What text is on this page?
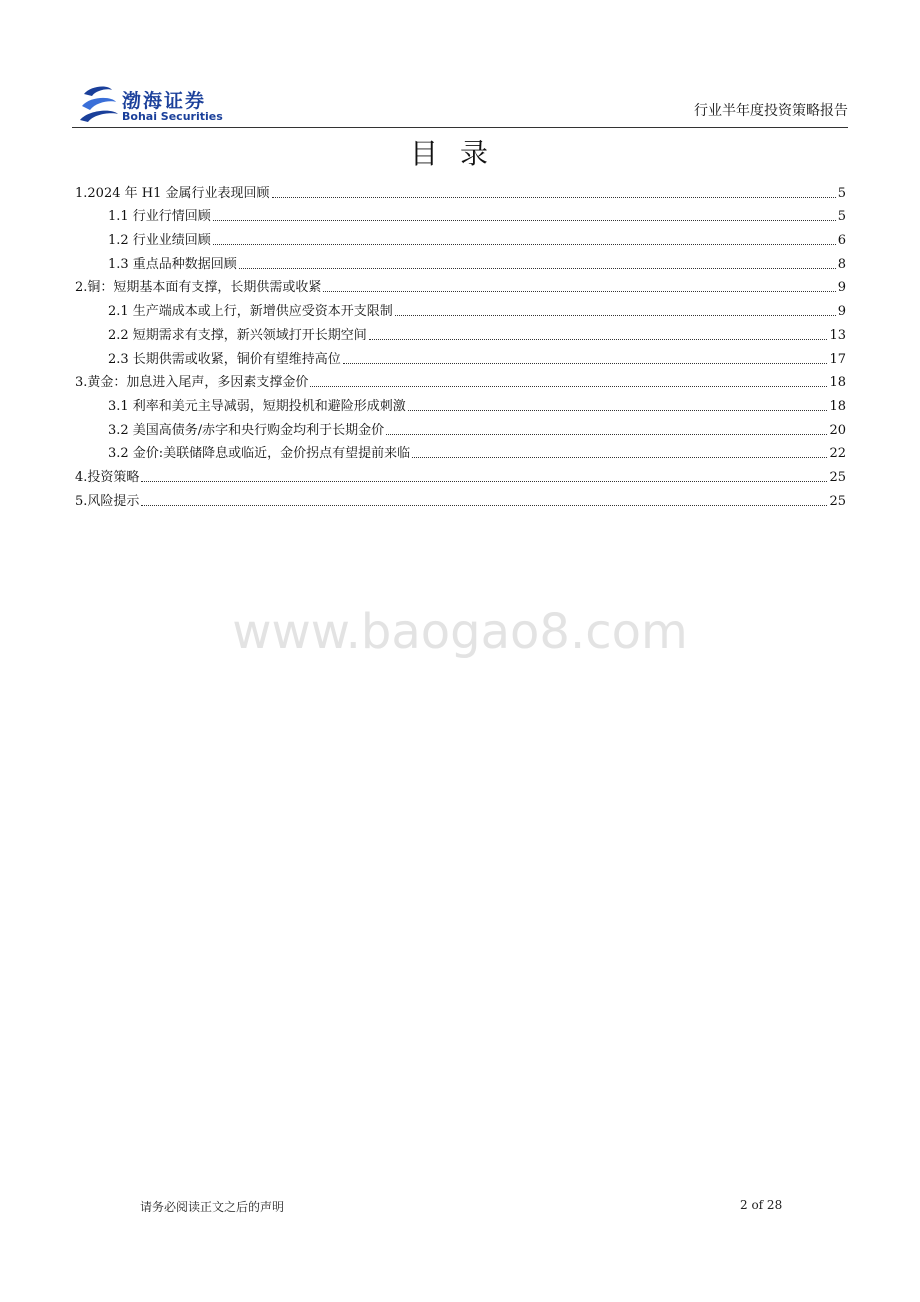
渤海证券
Bohai Securities	行业半年度投资策略报告
目录
1.2024 年 H1 金属行业表现回顾	5
1.1 行业行情回顾	5
1.2 行业业绩回顾	6
1.3 重点品种数据回顾	8
2.铜：短期基本面有支撑，长期供需或收紧	9
2.1 生产端成本或上行，新增供应受资本开支限制	9
2.2 短期需求有支撑，新兴领域打开长期空间	13
2.3 长期供需或收紧，铜价有望维持高位	17
3.黄金：加息进入尾声，多因素支撑金价	18
3.1 利率和美元主导减弱，短期投机和避险形成刺激	18
3.2 美国高债务/赤字和央行购金均利于长期金价	20
3.2 金价:美联储降息或临近，金价拐点有望提前来临	22
4.投资策略	25
5.风险提示	25
www.baogao8.com
请务必阅读正文之后的声明	2 of 28
